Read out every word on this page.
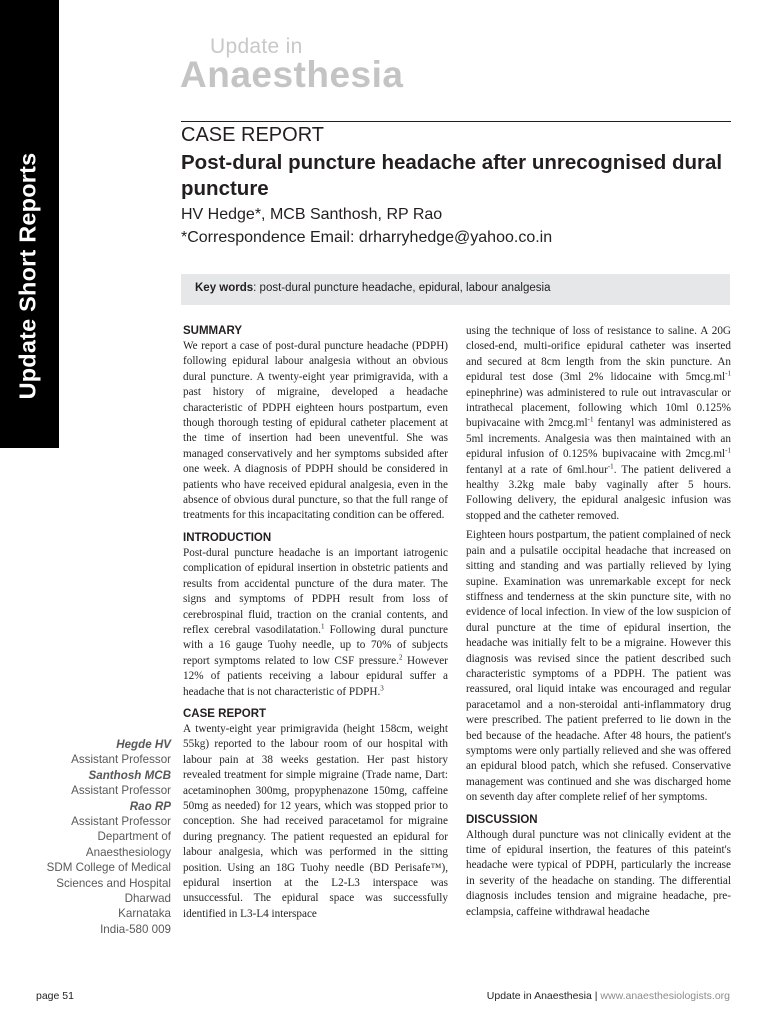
Update Short Reports
Update in
Anaesthesia
CASE REPORT
Post-dural puncture headache after unrecognised dural puncture
HV Hedge*, MCB Santhosh, RP Rao
*Correspondence Email: drharryhedge@yahoo.co.in
Key words: post-dural puncture headache, epidural, labour analgesia
SUMMARY

We report a case of post-dural puncture headache (PDPH) following epidural labour analgesia without an obvious dural puncture. A twenty-eight year primigravida, with a past history of migraine, developed a headache characteristic of PDPH eighteen hours postpartum, even though thorough testing of epidural catheter placement at the time of insertion had been uneventful. She was managed conservatively and her symptoms subsided after one week. A diagnosis of PDPH should be considered in patients who have received epidural analgesia, even in the absence of obvious dural puncture, so that the full range of treatments for this incapacitating condition can be offered.

INTRODUCTION

Post-dural puncture headache is an important iatrogenic complication of epidural insertion in obstetric patients and results from accidental puncture of the dura mater. The signs and symptoms of PDPH result from loss of cerebrospinal fluid, traction on the cranial contents, and reflex cerebral vasodilatation.$^1$ Following dural puncture with a 16 gauge Tuohy needle, up to 70% of subjects report symptoms related to low CSF pressure.$^2$ However 12% of patients receiving a labour epidural suffer a headache that is not characteristic of PDPH.$^3$

CASE REPORT

A twenty-eight year primigravida (height 158cm, weight 55kg) reported to the labour room of our hospital with labour pain at 38 weeks gestation. Her past history revealed treatment for simple migraine (Trade name, Dart: acetaminophen 300mg, propyphenazone 150mg, caffeine 50mg as needed) for 12 years, which was stopped prior to conception. She had received paracetamol for migraine during pregnancy. The patient requested an epidural for labour analgesia, which was performed in the sitting position. Using an 18G Tuohy needle (BD Perisafe™), epidural insertion at the L2-L3 interspace was unsuccessful. The epidural space was successfully identified in L3-L4 interspace

using the technique of loss of resistance to saline. A 20G closed-end, multi-orifice epidural catheter was inserted and secured at 8cm length from the skin puncture. An epidural test dose (3ml 2% lidocaine with $5mcg.ml^{-1}$ epinephrine) was administered to rule out intravascular or intrathecal placement, following which 10ml 0.125% bupivacaine with $2mcg.ml^{-1}$ fentanyl was administered as 5ml increments. Analgesia was then maintained with an epidural infusion of 0.125% bupivacaine with $2mcg.ml^{-1}$ fentanyl at a rate of 6ml.hour$^{-1}$. The patient delivered a healthy 3.2kg male baby vaginally after 5 hours. Following delivery, the epidural analgesic infusion was stopped and the catheter removed.

Eighteen hours postpartum, the patient complained of neck pain and a pulsatile occipital headache that increased on sitting and standing and was partially relieved by lying supine. Examination was unremarkable except for neck stiffness and tenderness at the skin puncture site, with no evidence of local infection. In view of the low suspicion of dural puncture at the time of epidural insertion, the headache was initially felt to be a migraine. However this diagnosis was revised since the patient described such characteristic symptoms of a PDPH. The patient was reassured, oral liquid intake was encouraged and regular paracetamol and a non-steroidal anti-inflammatory drug were prescribed. The patient preferred to lie down in the bed because of the headache. After 48 hours, the patient's symptoms were only partially relieved and she was offered an epidural blood patch, which she refused. Conservative management was continued and she was discharged home on seventh day after complete relief of her symptoms.

DISCUSSION

Although dural puncture was not clinically evident at the time of epidural insertion, the features of this pateint's headache were typical of PDPH, particularly the increase in severity of the headache on standing. The differential diagnosis includes tension and migraine headache, pre-eclampsia, caffeine withdrawal headache

Hegde HV
Assistant Professor
Santhosh MCB
Assistant Professor
Rao RP
Assistant Professor
Department of
Anaesthesiology
SDM College of Medical
Sciences and Hospital
Dharwad
Karnataka
India-580 009
page 51	Update in Anaesthesia | www.anaesthesiologists.org
